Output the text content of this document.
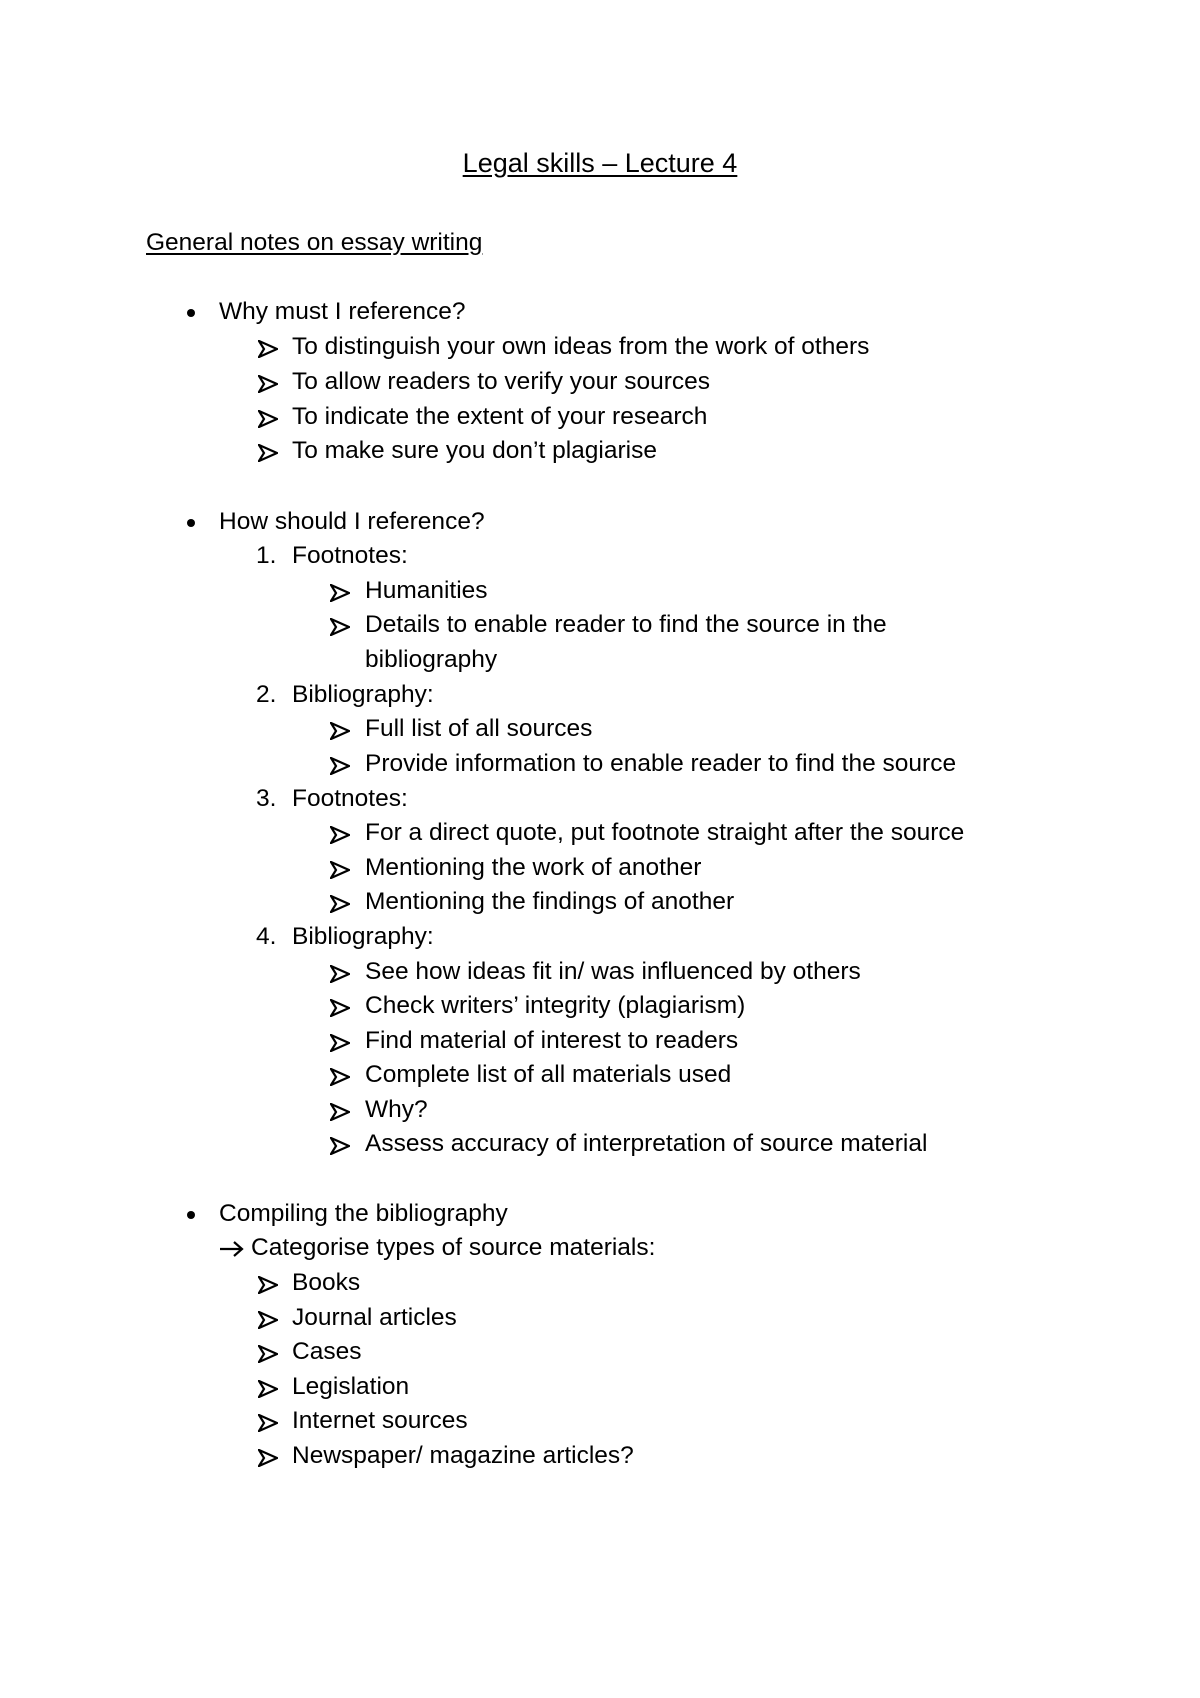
Legal skills – Lecture 4
General notes on essay writing
Why must I reference?
To distinguish your own ideas from the work of others
To allow readers to verify your sources
To indicate the extent of your research
To make sure you don’t plagiarise
How should I reference?
1. Footnotes:
Humanities
Details to enable reader to find the source in the
bibliography
2. Bibliography:
Full list of all sources
Provide information to enable reader to find the source
3. Footnotes:
For a direct quote, put footnote straight after the source
Mentioning the work of another
Mentioning the findings of another
4. Bibliography:
See how ideas fit in/ was influenced by others
Check writers’ integrity (plagiarism)
Find material of interest to readers
Complete list of all materials used
Why?
Assess accuracy of interpretation of source material
Compiling the bibliography
Categorise types of source materials:
Books
Journal articles
Cases
Legislation
Internet sources
Newspaper/ magazine articles?
